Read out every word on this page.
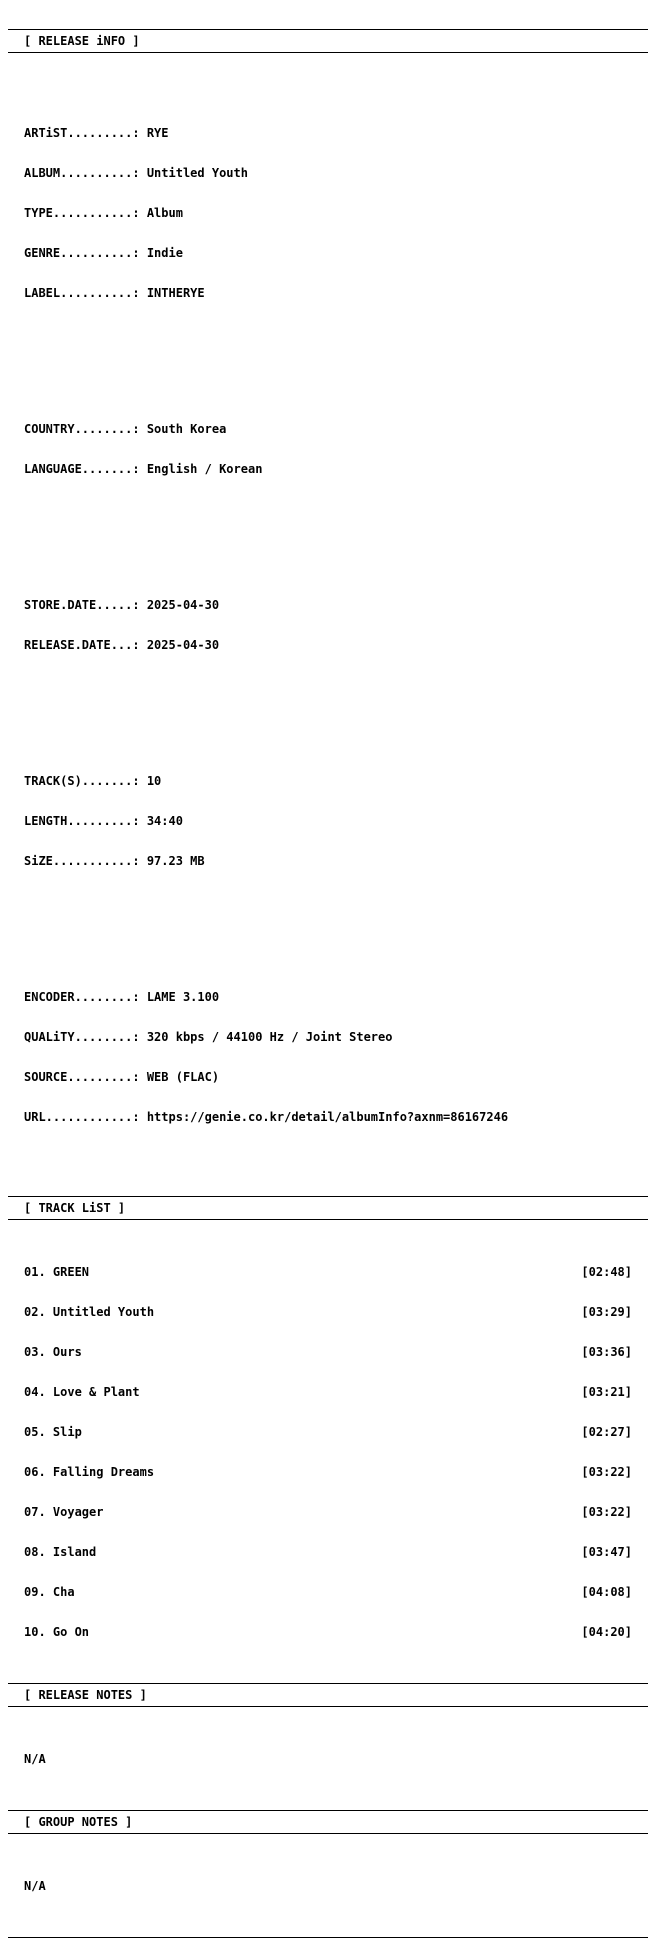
[ RELEASE iNFO ]

ARTiST.........: RYE

ALBUM..........: Untitled Youth

TYPE...........: Album

GENRE..........: Indie

LABEL..........: INTHERYE

COUNTRY........: South Korea

LANGUAGE.......: English / Korean

STORE.DATE.....: 2025-04-30

RELEASE.DATE...: 2025-04-30

TRACK(S).......: 10

LENGTH.........: 34:40

SiZE...........: 97.23 MB

ENCODER........: LAME 3.100

QUALiTY........: 320 kbps / 44100 Hz / Joint Stereo

SOURCE.........: WEB (FLAC)

URL............: https://genie.co.kr/detail/albumInfo?axnm=86167246

[ TRACK LiST ]

01. GREEN	[02:48]

02. Untitled Youth	[03:29]

03. Ours	[03:36]

04. Love & Plant	[03:21]

05. Slip	[02:27]

06. Falling Dreams	[03:22]

07. Voyager	[03:22]

08. Island	[03:47]

09. Cha	[04:08]

10. Go On	[04:20]

[ RELEASE NOTES ]

N/A

[ GROUP NOTES ]

N/A
